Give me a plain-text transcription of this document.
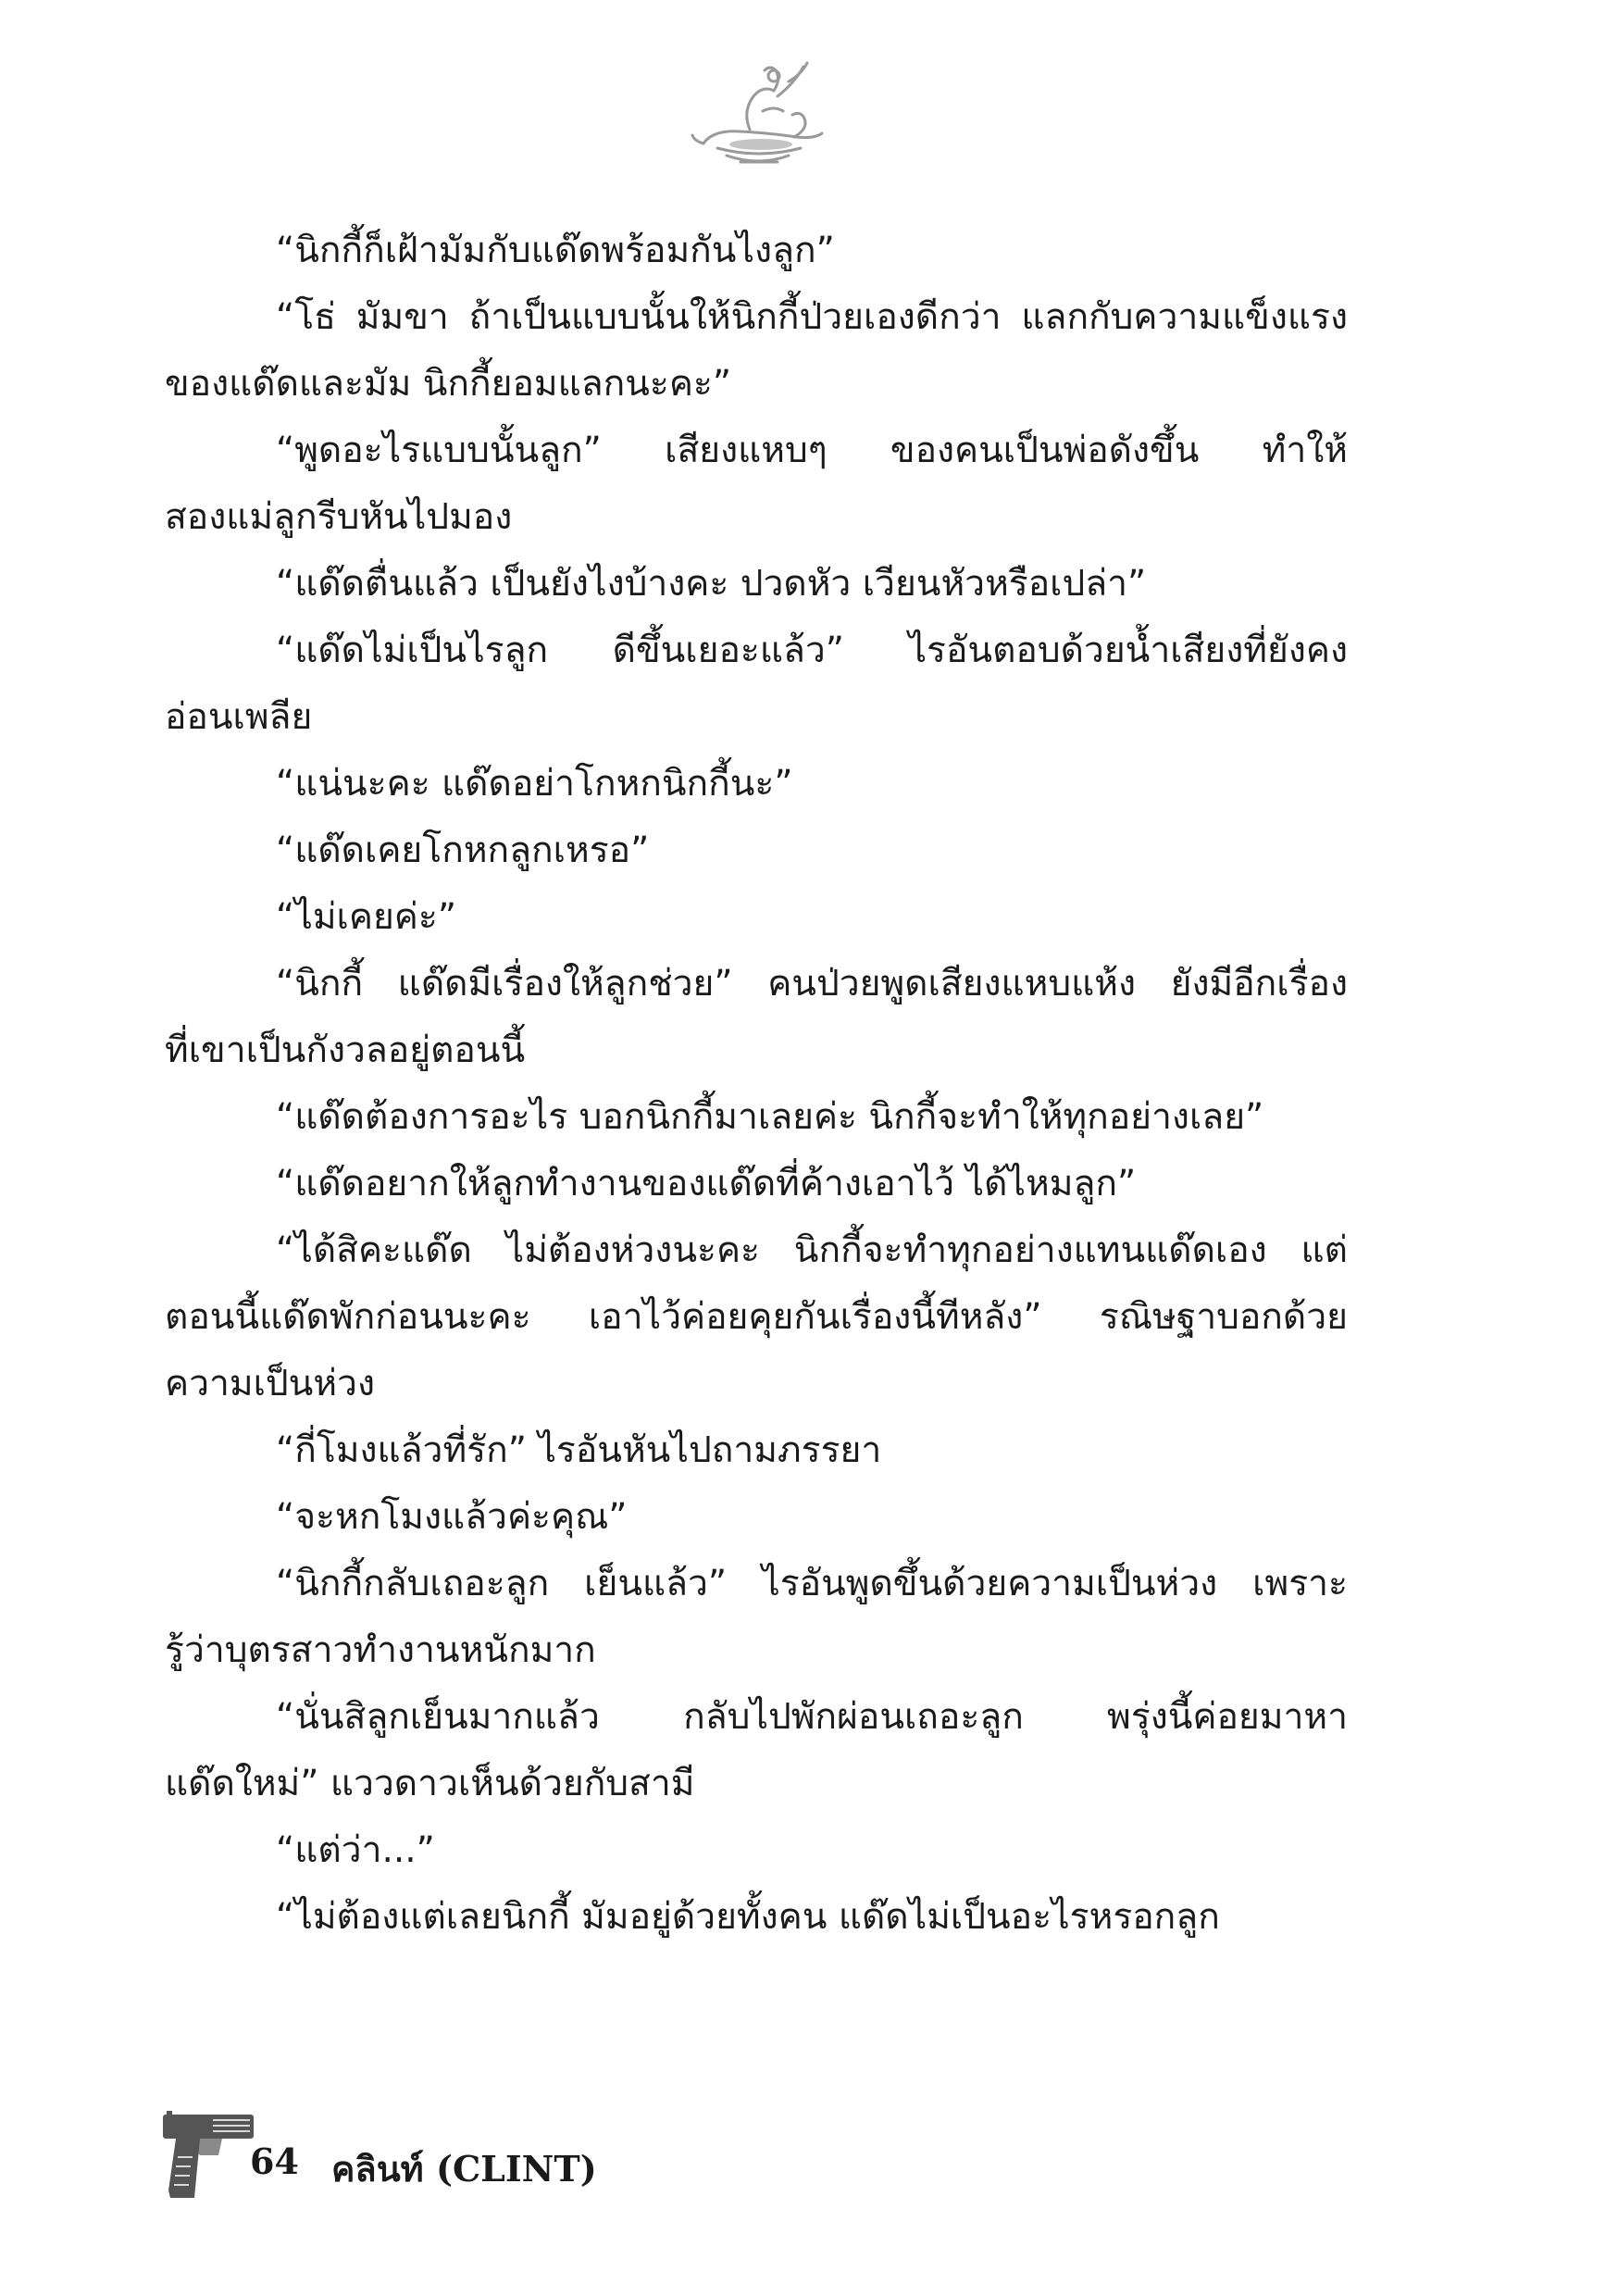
“นิกกี้ก็เฝ้ามัมกับแด๊ดพร้อมกันไงลูก”
“โธ่ มัมขา ถ้าเป็นแบบนั้นให้นิกกี้ป่วยเองดีกว่า แลกกับความแข็งแรง
ของแด๊ดและมัม นิกกี้ยอมแลกนะคะ”
“พูดอะไรแบบนั้นลูก” เสียงแหบๆ ของคนเป็นพ่อดังขึ้น ทำให้
สองแม่ลูกรีบหันไปมอง
“แด๊ดตื่นแล้ว เป็นยังไงบ้างคะ ปวดหัว เวียนหัวหรือเปล่า”
“แด๊ดไม่เป็นไรลูก ดีขึ้นเยอะแล้ว” ไรอันตอบด้วยน้ำเสียงที่ยังคง
อ่อนเพลีย
“แน่นะคะ แด๊ดอย่าโกหกนิกกี้นะ”
“แด๊ดเคยโกหกลูกเหรอ”
“ไม่เคยค่ะ”
“นิกกี้ แด๊ดมีเรื่องให้ลูกช่วย” คนป่วยพูดเสียงแหบแห้ง ยังมีอีกเรื่อง
ที่เขาเป็นกังวลอยู่ตอนนี้
“แด๊ดต้องการอะไร บอกนิกกี้มาเลยค่ะ นิกกี้จะทำให้ทุกอย่างเลย”
“แด๊ดอยากให้ลูกทำงานของแด๊ดที่ค้างเอาไว้ ได้ไหมลูก”
“ได้สิคะแด๊ด ไม่ต้องห่วงนะคะ นิกกี้จะทำทุกอย่างแทนแด๊ดเอง แต่
ตอนนี้แด๊ดพักก่อนนะคะ เอาไว้ค่อยคุยกันเรื่องนี้ทีหลัง” รณิษฐาบอกด้วย
ความเป็นห่วง
“กี่โมงแล้วที่รัก” ไรอันหันไปถามภรรยา
“จะหกโมงแล้วค่ะคุณ”
“นิกกี้กลับเถอะลูก เย็นแล้ว” ไรอันพูดขึ้นด้วยความเป็นห่วง เพราะ
รู้ว่าบุตรสาวทำงานหนักมาก
“นั่นสิลูกเย็นมากแล้ว กลับไปพักผ่อนเถอะลูก พรุ่งนี้ค่อยมาหา
แด๊ดใหม่” แววดาวเห็นด้วยกับสามี
“แต่ว่า...”
“ไม่ต้องแต่เลยนิกกี้ มัมอยู่ด้วยทั้งคน แด๊ดไม่เป็นอะไรหรอกลูก
64 คลินท์ (CLINT)
